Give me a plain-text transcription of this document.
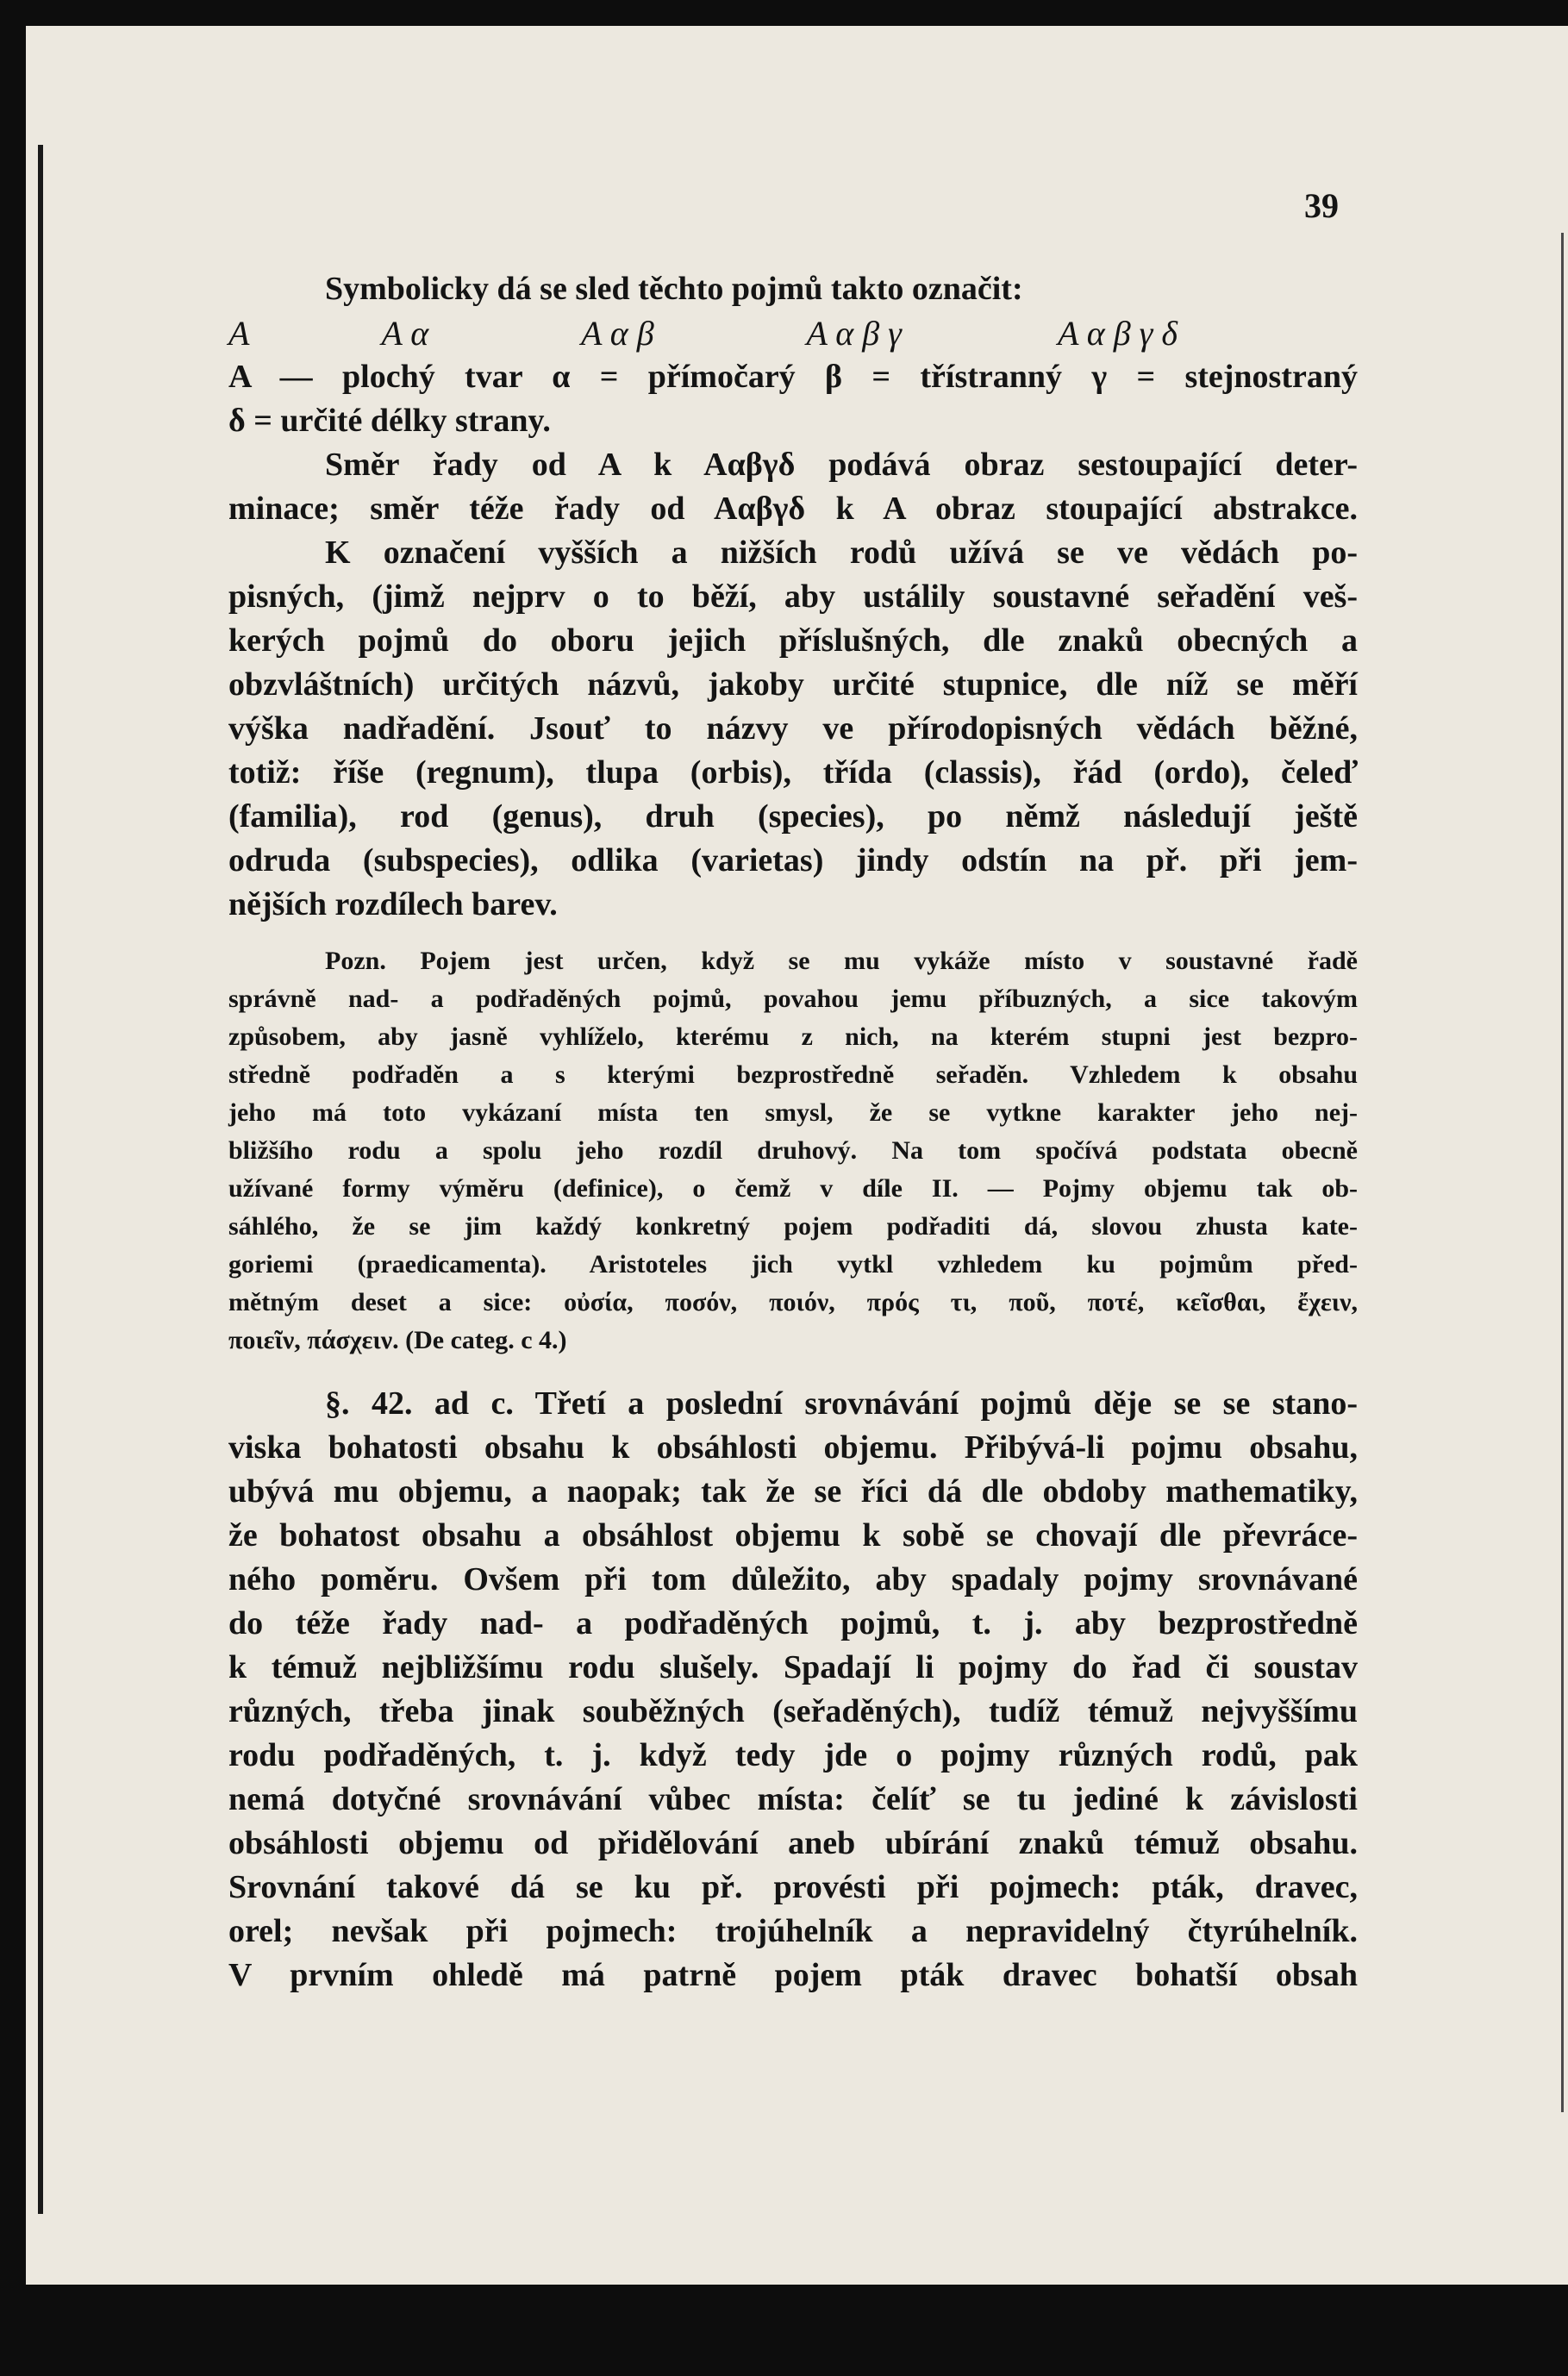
39
Symbolicky dá se sled těchto pojmů takto označit:
A	A α	A α β	A α β γ	A α β γ δ
A — plochý tvar α = přímočarý β = třístranný γ = stejnostraný
δ = určité délky strany.
Směr řady od A k Aαβγδ podává obraz sestoupající deter-
minace; směr téže řady od Aαβγδ k A obraz stoupající abstrakce.
K označení vyšších a nižších rodů užívá se ve vědách po-
pisných, (jimž nejprv o to běží, aby ustálily soustavné seřadění veš-
kerých pojmů do oboru jejich příslušných, dle znaků obecných a
obzvláštních) určitých názvů, jakoby určité stupnice, dle níž se měří
výška nadřadění. Jsouť to názvy ve přírodopisných vědách běžné,
totiž: říše (regnum), tlupa (orbis), třída (classis), řád (ordo), čeleď
(familia), rod (genus), druh (species), po němž následují ještě
odruda (subspecies), odlika (varietas) jindy odstín na př. při jem-
nějších rozdílech barev.
Pozn. Pojem jest určen, když se mu vykáže místo v soustavné řadě
správně nad- a podřaděných pojmů, povahou jemu příbuzných, a sice takovým
způsobem, aby jasně vyhlíželo, kterému z nich, na kterém stupni jest bezpro-
středně podřaděn a s kterými bezprostředně seřaděn. Vzhledem k obsahu
jeho má toto vykázaní místa ten smysl, že se vytkne karakter jeho nej-
bližšího rodu a spolu jeho rozdíl druhový. Na tom spočívá podstata obecně
užívané formy výměru (definice), o čemž v díle II. — Pojmy objemu tak ob-
sáhlého, že se jim každý konkretný pojem podřaditi dá, slovou zhusta kate-
goriemi (praedicamenta). Aristoteles jich vytkl vzhledem ku pojmům před-
mětným deset a sice: οὐσία, ποσόν, ποιόν, πρός τι, ποῦ, ποτέ, κεῖσθαι, ἔχειν,
ποιεῖν, πάσχειν. (De categ. c 4.)
§. 42. ad c. Třetí a poslední srovnávání pojmů děje se se stano-
viska bohatosti obsahu k obsáhlosti objemu. Přibývá-li pojmu obsahu,
ubývá mu objemu, a naopak; tak že se říci dá dle obdoby mathematiky,
že bohatost obsahu a obsáhlost objemu k sobě se chovají dle převráce-
ného poměru. Ovšem při tom důležito, aby spadaly pojmy srovnávané
do téže řady nad- a podřaděných pojmů, t. j. aby bezprostředně
k témuž nejbližšímu rodu slušely. Spadají li pojmy do řad či soustav
různých, třeba jinak souběžných (seřaděných), tudíž témuž nejvyššímu
rodu podřaděných, t. j. když tedy jde o pojmy různých rodů, pak
nemá dotyčné srovnávání vůbec místa: čelíť se tu jediné k závislosti
obsáhlosti objemu od přidělování aneb ubírání znaků témuž obsahu.
Srovnání takové dá se ku př. provésti při pojmech: pták, dravec,
orel; nevšak při pojmech: trojúhelník a nepravidelný čtyrúhelník.
V prvním ohledě má patrně pojem pták dravec bohatší obsah
